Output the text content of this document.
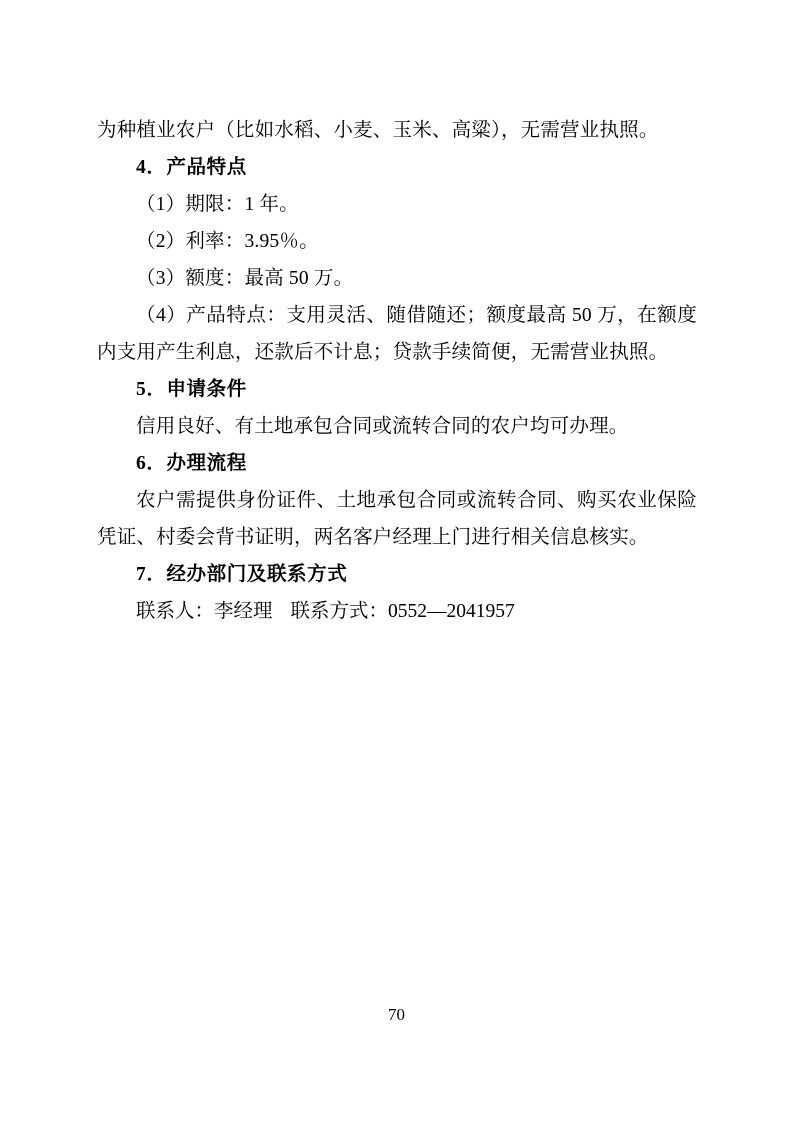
为种植业农户（比如水稻、小麦、玉米、高粱），无需营业执照。

4．产品特点

（1）期限：1 年。

（2）利率：3.95％。

（3）额度：最高 50 万。

（4）产品特点：支用灵活、随借随还；额度最高 50 万，在额度内支用产生利息，还款后不计息；贷款手续简便，无需营业执照。

5．申请条件

信用良好、有土地承包合同或流转合同的农户均可办理。

6．办理流程

农户需提供身份证件、土地承包合同或流转合同、购买农业保险凭证、村委会背书证明，两名客户经理上门进行相关信息核实。

7．经办部门及联系方式

联系人：李经理 联系方式：0552—2041957

70
